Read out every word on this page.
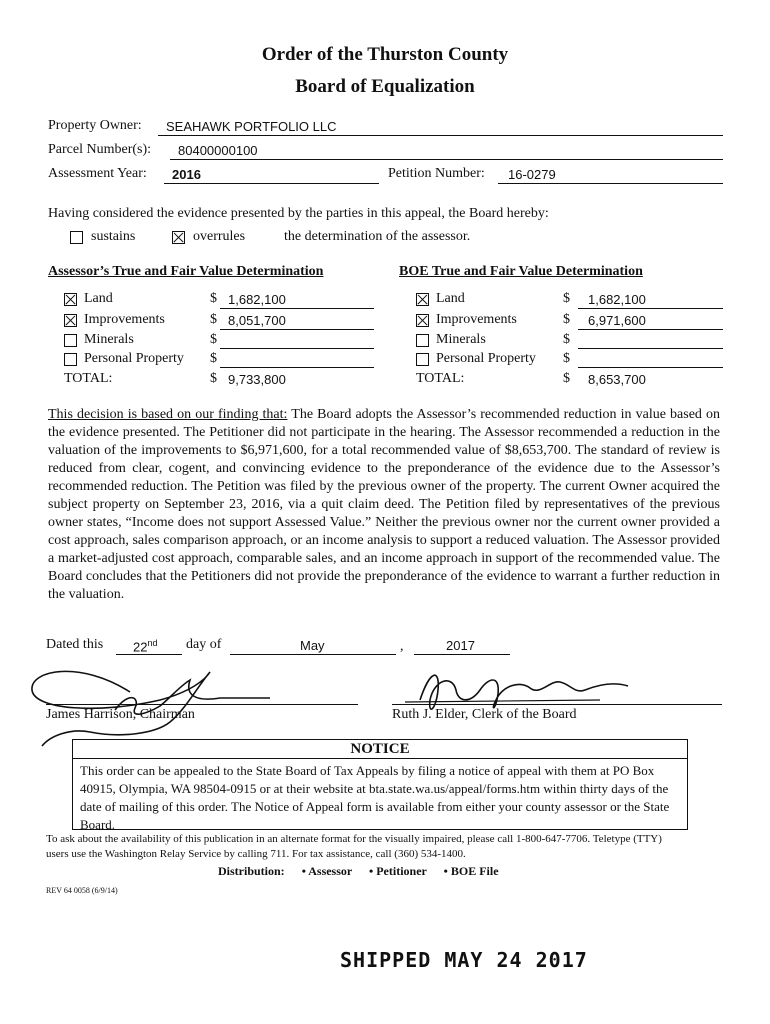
Order of the Thurston County
Board of Equalization
Property Owner: SEAHAWK PORTFOLIO LLC
Parcel Number(s): 80400000100
Assessment Year: 2016	Petition Number: 16-0279
Having considered the evidence presented by the parties in this appeal, the Board hereby:
sustains	overrules	the determination of the assessor.
Assessor’s True and Fair Value Determination	BOE True and Fair Value Determination
Land	$ 1,682,100
Improvements	$ 8,051,700
Minerals	$
Personal Property $
TOTAL:	$ 9,733,800
Land	$ 1,682,100
Improvements	$ 6,971,600
Minerals	$
Personal Property $
TOTAL:	$ 8,653,700
This decision is based on our finding that: The Board adopts the Assessor’s recommended reduction in value based on the evidence presented. The Petitioner did not participate in the hearing. The Assessor recommended a reduction in the valuation of the improvements to $6,971,600, for a total recommended value of $8,653,700. The standard of review is reduced from clear, cogent, and convincing evidence to the preponderance of the evidence due to the Assessor’s recommended reduction. The Petition was filed by the previous owner of the property. The current Owner acquired the subject property on September 23, 2016, via a quit claim deed. The Petition filed by representatives of the previous owner states, “Income does not support Assessed Value.” Neither the previous owner nor the current owner provided a cost approach, sales comparison approach, or an income analysis to support a reduced valuation. The Assessor provided a market-adjusted cost approach, comparable sales, and an income approach in support of the recommended value. The Board concludes that the Petitioners did not provide the preponderance of the evidence to warrant a further reduction in the valuation.
Dated this 22nd day of	May	,	2017
James Harrison, Chairman	Ruth J. Elder, Clerk of the Board
NOTICE
This order can be appealed to the State Board of Tax Appeals by filing a notice of appeal with them at PO Box 40915, Olympia, WA 98504-0915 or at their website at bta.state.wa.us/appeal/forms.htm within thirty days of the date of mailing of this order. The Notice of Appeal form is available from either your county assessor or the State Board.
To ask about the availability of this publication in an alternate format for the visually impaired, please call 1-800-647-7706. Teletype (TTY) users use the Washington Relay Service by calling 711. For tax assistance, call (360) 534-1400.
Distribution: • Assessor • Petitioner • BOE File
REV 64 0058 (6/9/14)
SHIPPED MAY 24 2017
